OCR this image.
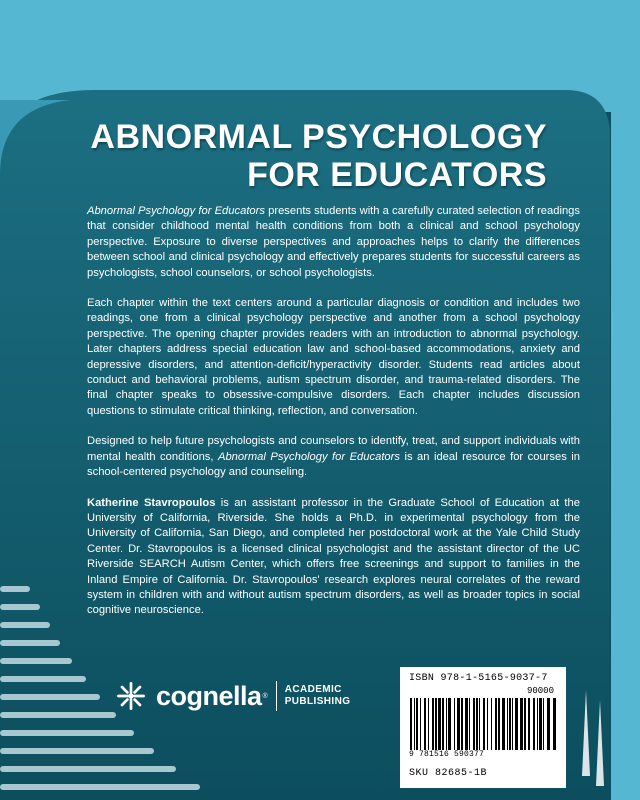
ABNORMAL PSYCHOLOGY
FOR EDUCATORS

Abnormal Psychology for Educators presents students with a carefully curated selection of readings that consider childhood mental health conditions from both a clinical and school psychology perspective. Exposure to diverse perspectives and approaches helps to clarify the differences between school and clinical psychology and effectively prepares students for successful careers as psychologists, school counselors, or school psychologists.

Each chapter within the text centers around a particular diagnosis or condition and includes two readings, one from a clinical psychology perspective and another from a school psychology perspective. The opening chapter provides readers with an introduction to abnormal psychology. Later chapters address special education law and school-based accommodations, anxiety and depressive disorders, and attention-deficit/hyperactivity disorder. Students read articles about conduct and behavioral problems, autism spectrum disorder, and trauma-related disorders. The final chapter speaks to obsessive-compulsive disorders. Each chapter includes discussion questions to stimulate critical thinking, reflection, and conversation.

Designed to help future psychologists and counselors to identify, treat, and support individuals with mental health conditions, Abnormal Psychology for Educators is an ideal resource for courses in school-centered psychology and counseling.

Katherine Stavropoulos is an assistant professor in the Graduate School of Education at the University of California, Riverside. She holds a Ph.D. in experimental psychology from the University of California, San Diego, and completed her postdoctoral work at the Yale Child Study Center. Dr. Stavropoulos is a licensed clinical psychologist and the assistant director of the UC Riverside SEARCH Autism Center, which offers free screenings and support to families in the Inland Empire of California. Dr. Stavropoulos' research explores neural correlates of the reward system in children with and without autism spectrum disorders, as well as broader topics in social cognitive neuroscience.

cognella ®
ACADEMIC
PUBLISHING
ISBN 978-1-5165-9037-7
90000
9 781516 590377
SKU 82685-1B
